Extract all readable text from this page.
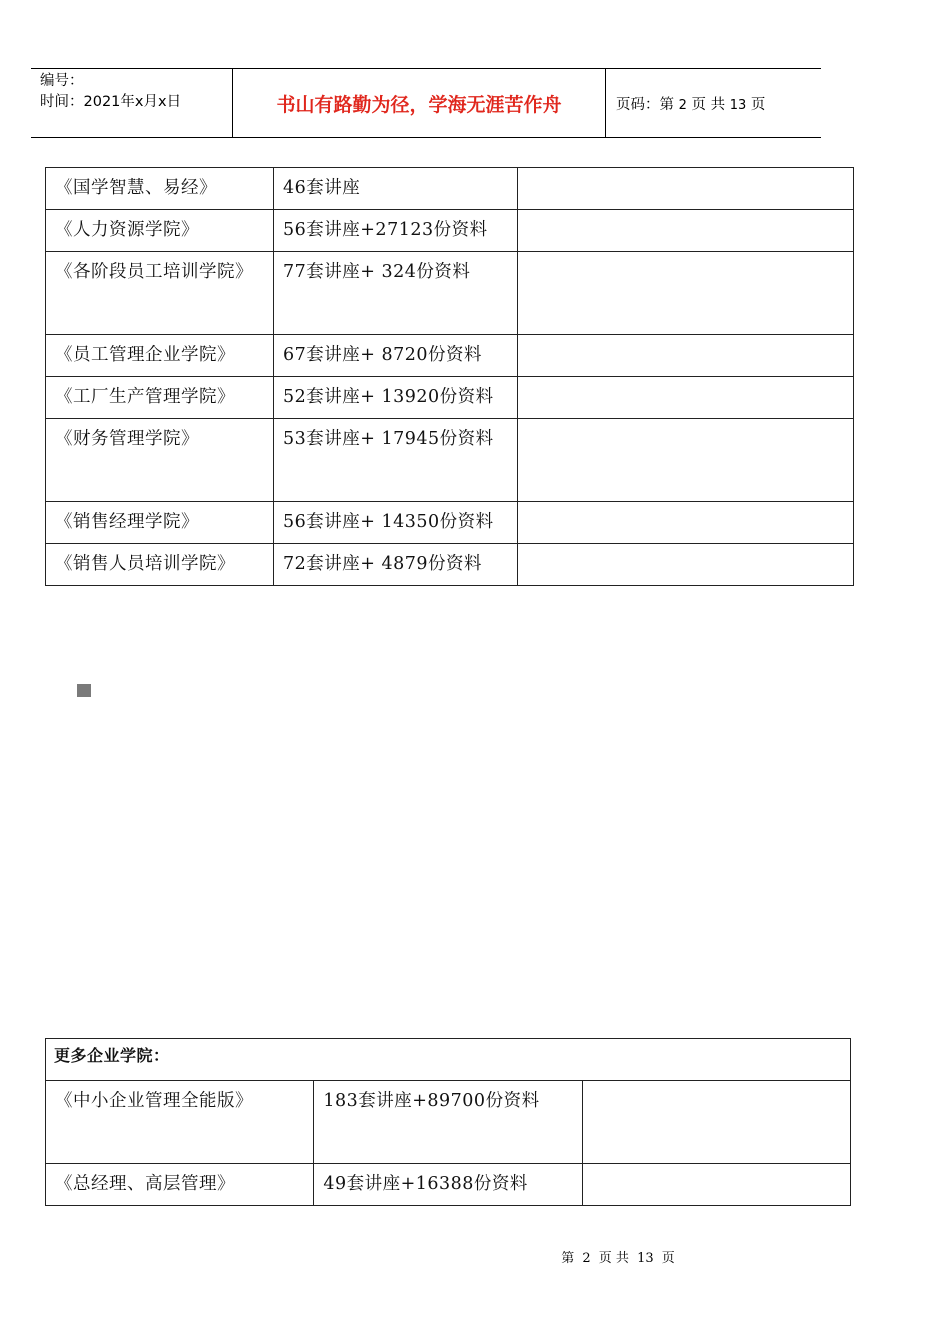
编号：
时间：2021年x月x日	书山有路勤为径，学海无涯苦作舟	页码：第 2 页 共 13 页
《国学智慧、易经》	46套讲座	
《人力资源学院》	56套讲座+27123份资料	
《各阶段员工培训学院》	77套讲座+ 324份资料	
《员工管理企业学院》	67套讲座+ 8720份资料	
《工厂生产管理学院》	52套讲座+ 13920份资料	
《财务管理学院》	53套讲座+ 17945份资料	
《销售经理学院》	56套讲座+ 14350份资料	
《销售人员培训学院》	72套讲座+ 4879份资料	
更多企业学院：		
《中小企业管理全能版》	183套讲座+89700份资料	
《总经理、高层管理》	49套讲座+16388份资料	
第 2 页 共 13 页
